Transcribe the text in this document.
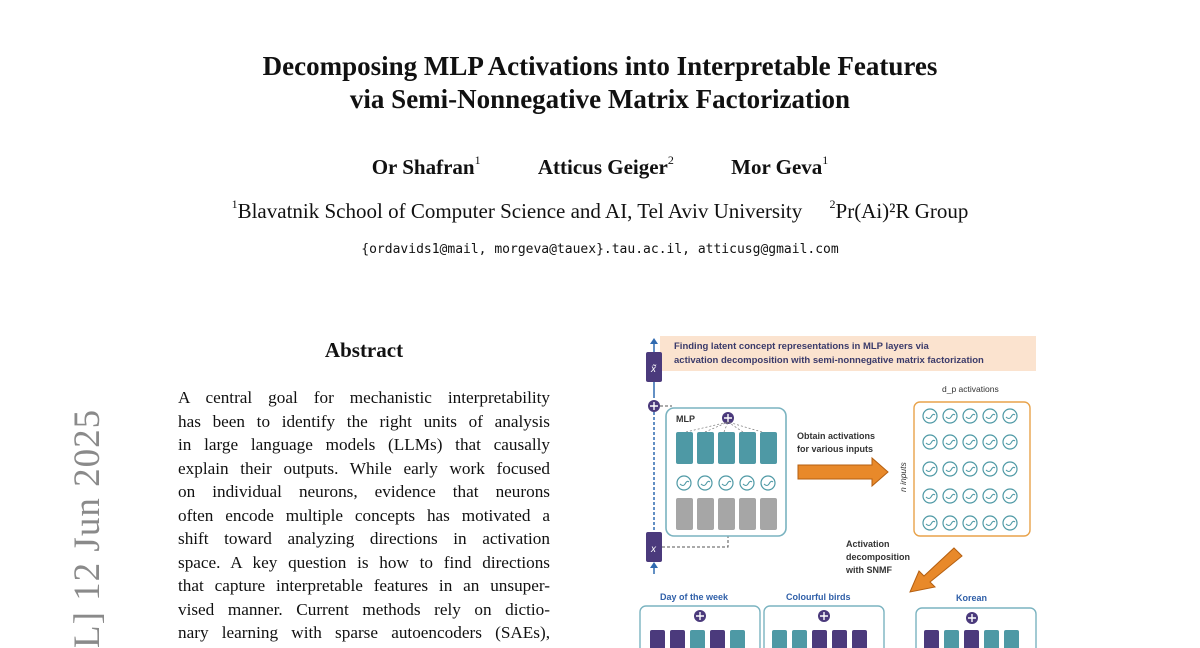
Decomposing MLP Activations into Interpretable Features
via Semi-Nonnegative Matrix Factorization
Or Shafran$^1$	Atticus Geiger$^2$	Mor Geva$^1$
$^1$Blavatnik School of Computer Science and AI, Tel Aviv University $^2$Pr(Ai)²R Group
{ordavids1@mail, morgeva@tauex}.tau.ac.il, atticusg@gmail.com
L] 12 Jun 2025
Abstract
A central goal for mechanistic interpretability
has been to identify the right units of analysis
in large language models (LLMs) that causally
explain their outputs. While early work focused
on individual neurons, evidence that neurons
often encode multiple concepts has motivated a
shift toward analyzing directions in activation
space. A key question is how to find directions
that capture interpretable features in an unsuper-
vised manner. Current methods rely on dictio-
nary learning with sparse autoencoders (SAEs),
Finding latent concept representations in MLP layers via
activation decomposition with semi-nonnegative matrix factorization
x̃
x
MLP
Obtain activations
for various inputs
d_p activations
n inputs
Activation
decomposition
with SNMF
Day of the week	Colourful birds	Korean
